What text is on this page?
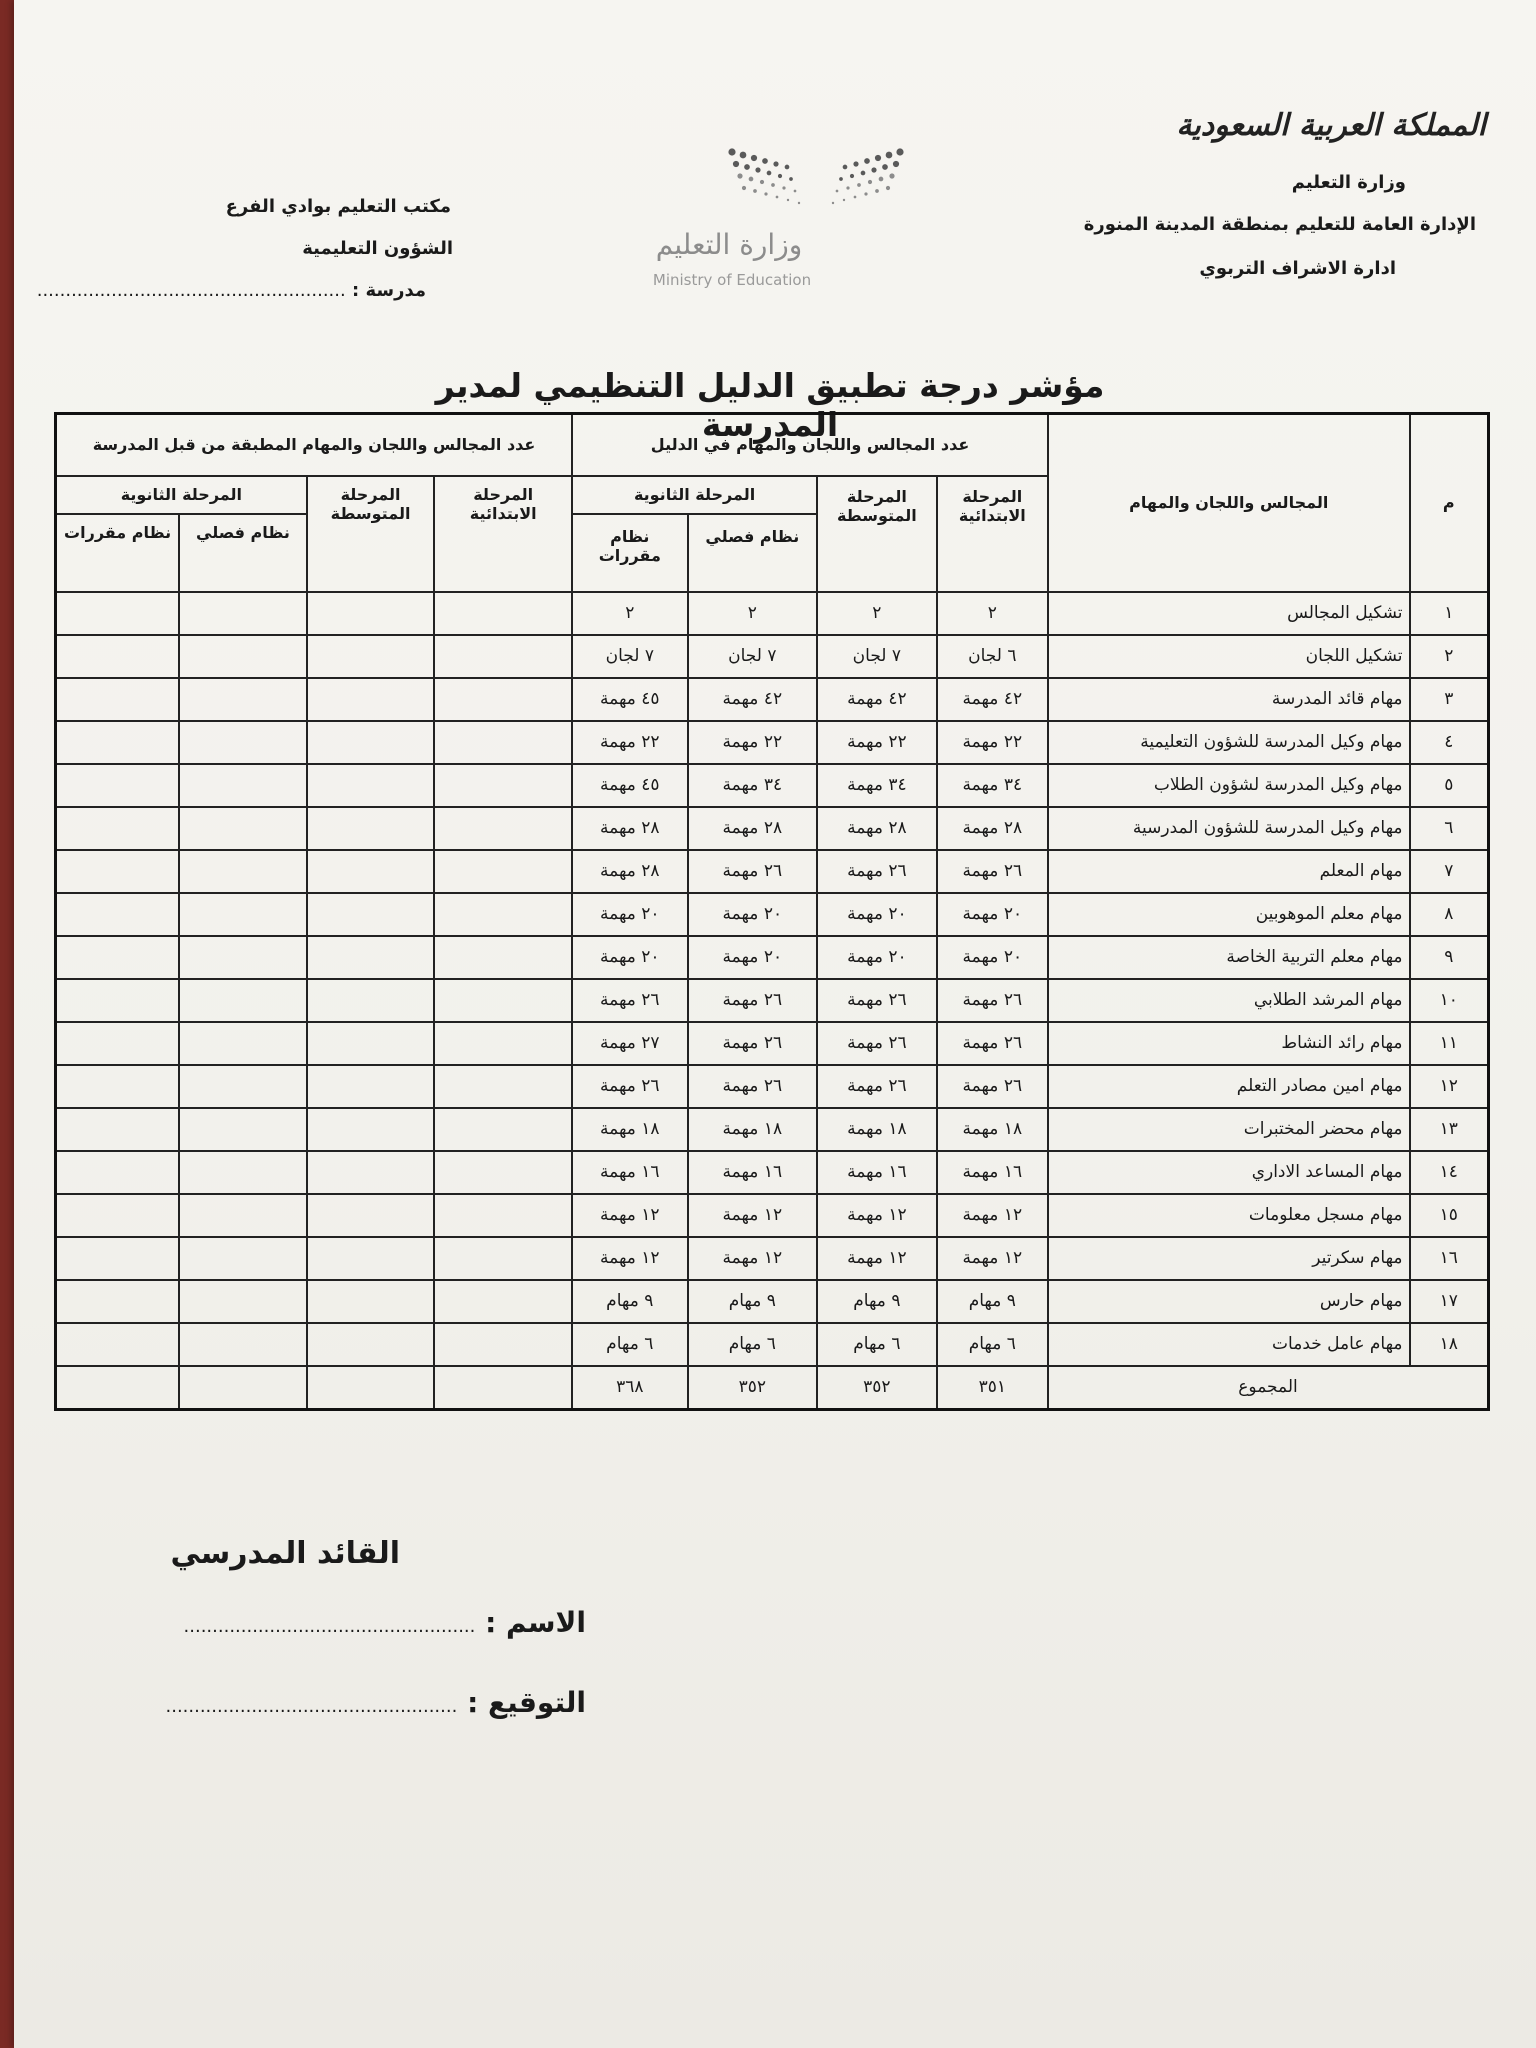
المملكة العربية السعودية
وزارة التعليم
الإدارة العامة للتعليم بمنطقة المدينة المنورة
ادارة الاشراف التربوي
وزارة التعليم
Ministry of Education
مكتب التعليم بوادي الفرع
الشؤون التعليمية
مدرسة : ......................................................
مؤشر درجة تطبيق الدليل التنظيمي لمدير المدرسة
م	المجالس واللجان والمهام	عدد المجالس واللجان والمهام في الدليل				عدد المجالس واللجان والمهام المطبقة من قبل المدرسة			
		المرحلة الابتدائية	المرحلة المتوسطة	المرحلة الثانوية		المرحلة الابتدائية	المرحلة المتوسطة	المرحلة الثانوية	
				نظام فصلي	نظام مقررات			نظام فصلي	نظام مقررات
١	تشكيل المجالس	٢	٢	٢	٢				
٢	تشكيل اللجان	٦ لجان	٧ لجان	٧ لجان	٧ لجان				
٣	مهام قائد المدرسة	٤٢ مهمة	٤٢ مهمة	٤٢ مهمة	٤٥ مهمة				
٤	مهام وكيل المدرسة للشؤون التعليمية	٢٢ مهمة	٢٢ مهمة	٢٢ مهمة	٢٢ مهمة				
٥	مهام وكيل المدرسة لشؤون الطلاب	٣٤ مهمة	٣٤ مهمة	٣٤ مهمة	٤٥ مهمة				
٦	مهام وكيل المدرسة للشؤون المدرسية	٢٨ مهمة	٢٨ مهمة	٢٨ مهمة	٢٨ مهمة				
٧	مهام المعلم	٢٦ مهمة	٢٦ مهمة	٢٦ مهمة	٢٨ مهمة				
٨	مهام معلم الموهوبين	٢٠ مهمة	٢٠ مهمة	٢٠ مهمة	٢٠ مهمة				
٩	مهام معلم التربية الخاصة	٢٠ مهمة	٢٠ مهمة	٢٠ مهمة	٢٠ مهمة				
١٠	مهام المرشد الطلابي	٢٦ مهمة	٢٦ مهمة	٢٦ مهمة	٢٦ مهمة				
١١	مهام رائد النشاط	٢٦ مهمة	٢٦ مهمة	٢٦ مهمة	٢٧ مهمة				
١٢	مهام امين مصادر التعلم	٢٦ مهمة	٢٦ مهمة	٢٦ مهمة	٢٦ مهمة				
١٣	مهام محضر المختبرات	١٨ مهمة	١٨ مهمة	١٨ مهمة	١٨ مهمة				
١٤	مهام المساعد الاداري	١٦ مهمة	١٦ مهمة	١٦ مهمة	١٦ مهمة				
١٥	مهام مسجل معلومات	١٢ مهمة	١٢ مهمة	١٢ مهمة	١٢ مهمة				
١٦	مهام سكرتير	١٢ مهمة	١٢ مهمة	١٢ مهمة	١٢ مهمة				
١٧	مهام حارس	٩ مهام	٩ مهام	٩ مهام	٩ مهام				
١٨	مهام عامل خدمات	٦ مهام	٦ مهام	٦ مهام	٦ مهام				
المجموع		٣٥١	٣٥٢	٣٥٢	٣٦٨				
القائد المدرسي
الاسم : ...................................................
التوقيع : ...................................................
